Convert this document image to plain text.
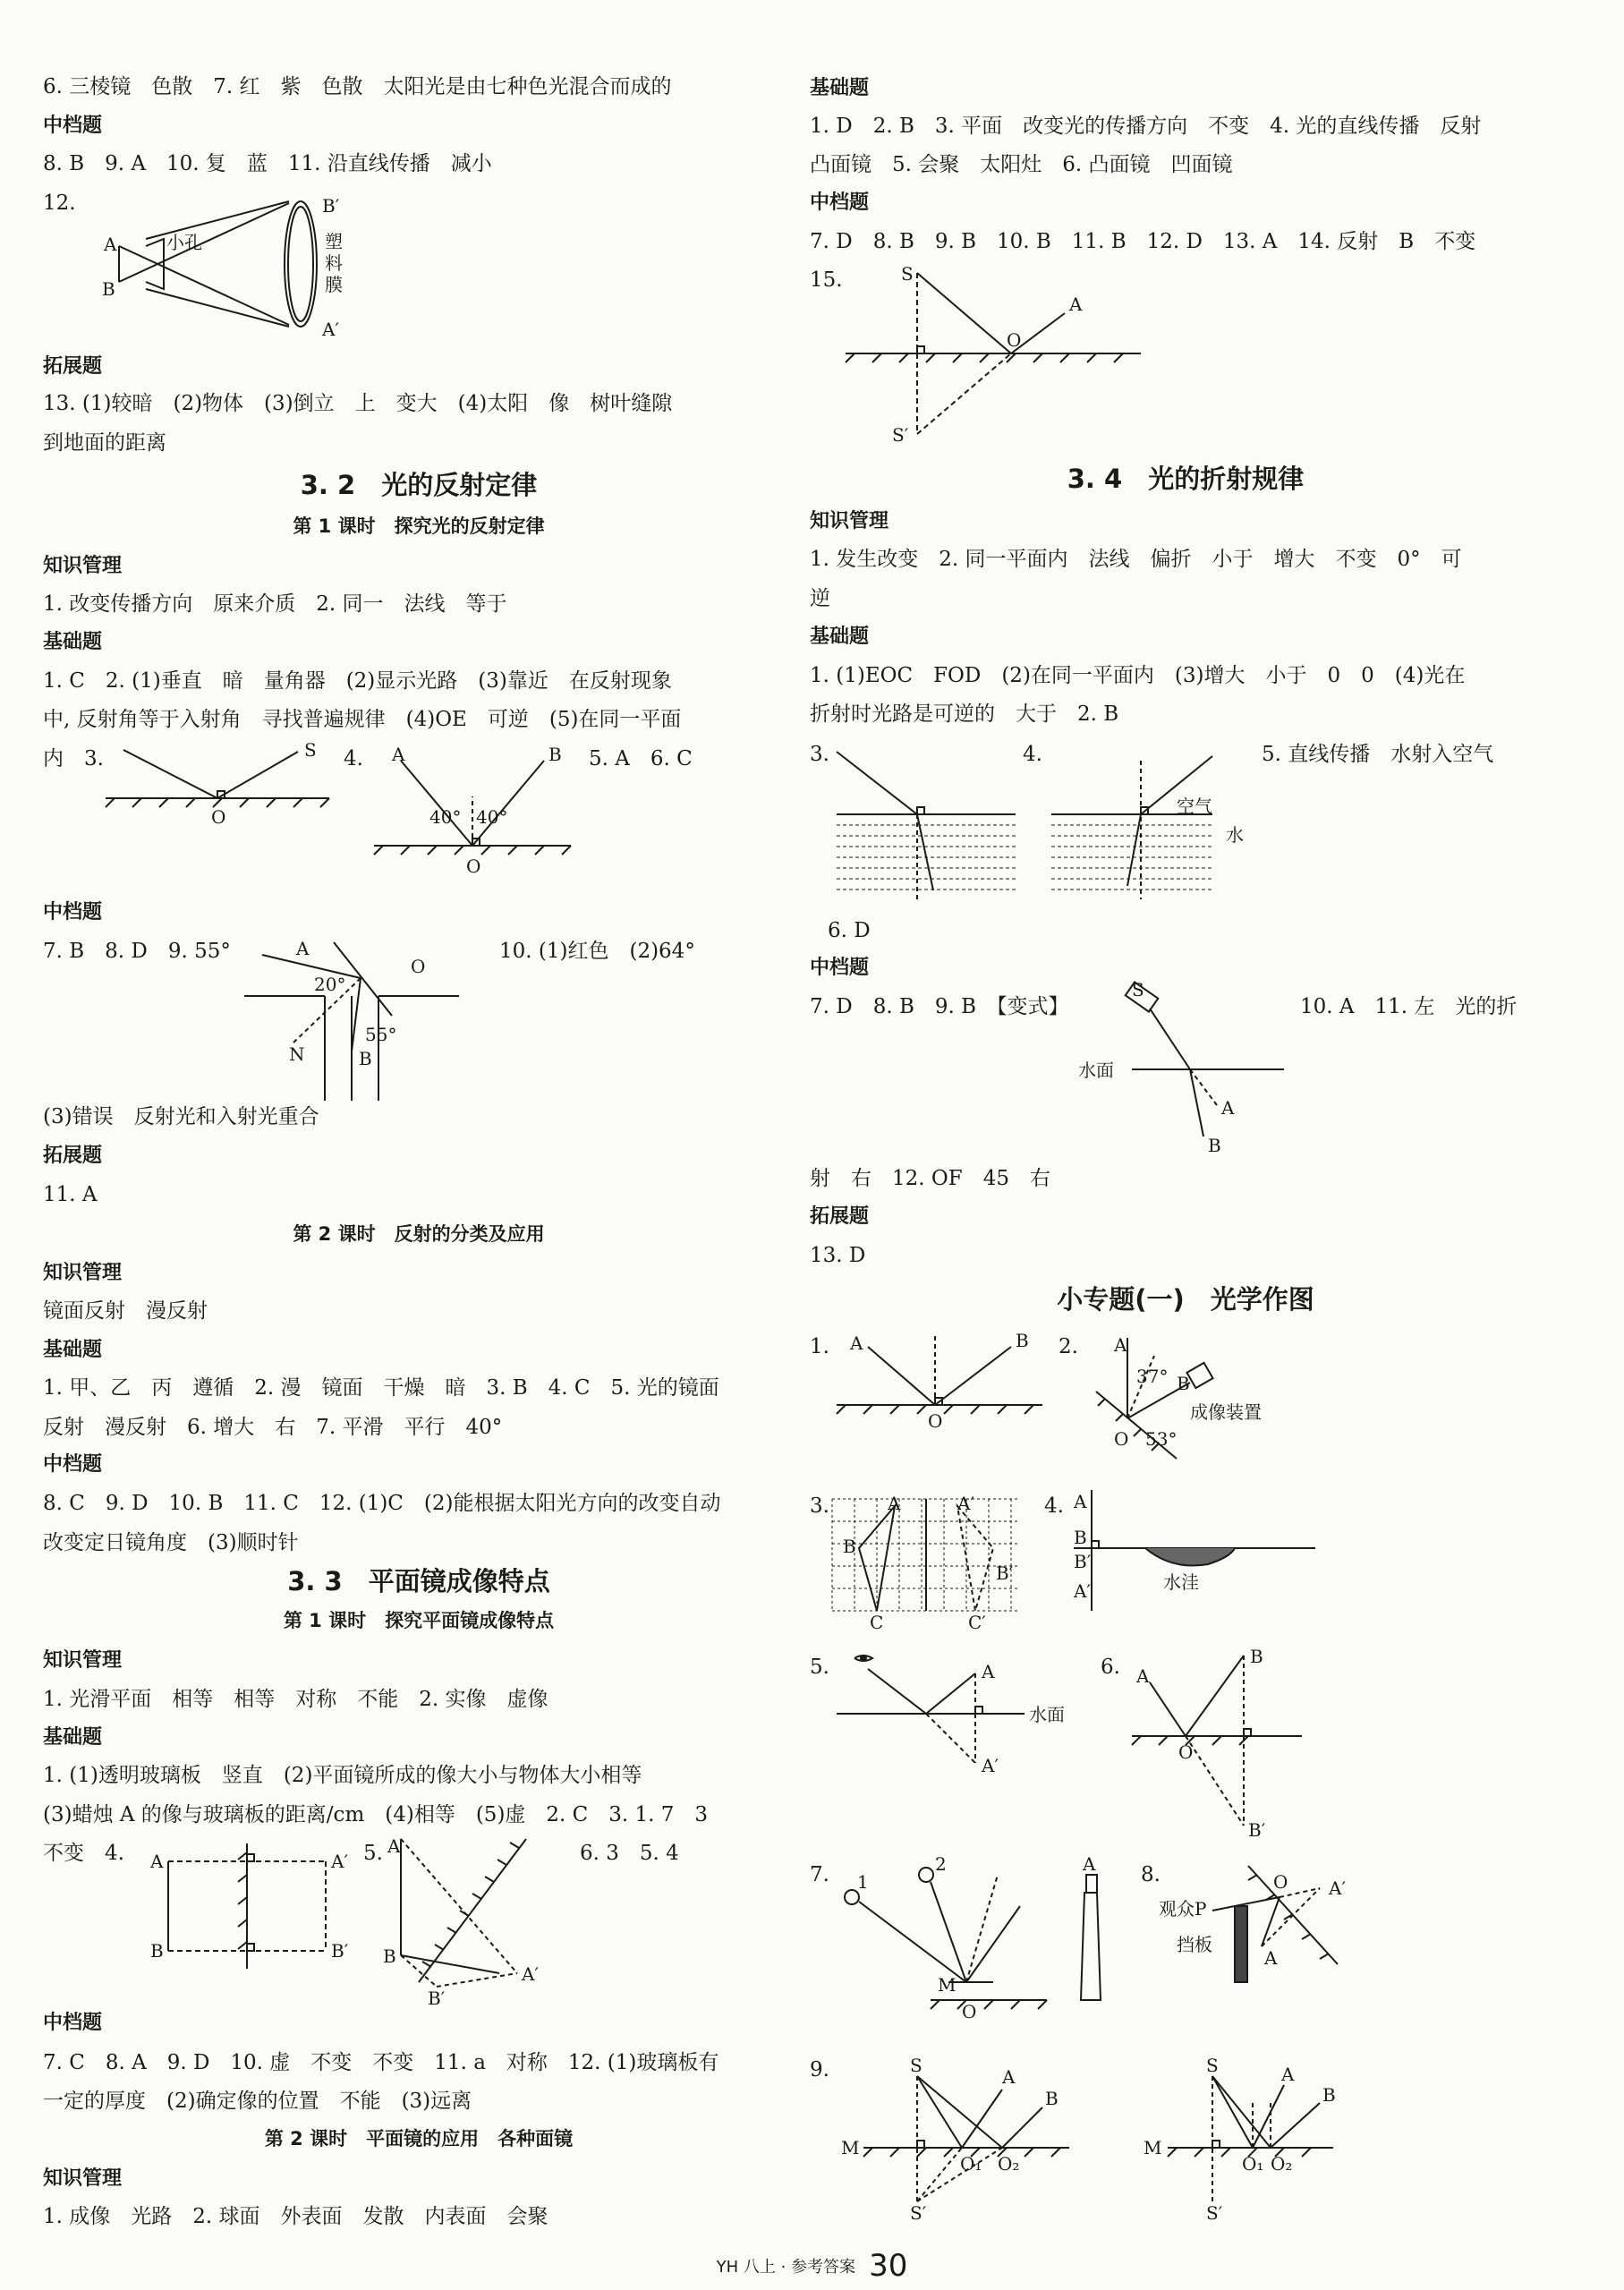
6. 三棱镜　色散　7. 红　紫　色散　太阳光是由七种色光混合而成的
中档题
8. B　9. A　10. 复　蓝　11. 沿直线传播　减小
12.
A
B
小孔
B′
A′
塑
料
膜
拓展题
13. (1)较暗　(2)物体　(3)倒立　上　变大　(4)太阳　像　树叶缝隙
到地面的距离
3. 2　光的反射定律
第 1 课时　探究光的反射定律
知识管理
1. 改变传播方向　原来介质　2. 同一　法线　等于
基础题
1. C　2. (1)垂直　暗　量角器　(2)显示光路　(3)靠近　在反射现象
中, 反射角等于入射角　寻找普遍规律　(4)OE　可逆　(5)在同一平面
内　3.	4.	5. A　6. C
S
O
A	B
40° 40°
O
中档题
7. B　8. D　9. 55°	10. (1)红色　(2)64°
A
O
20°
55°
N	B
(3)错误　反射光和入射光重合
拓展题
11. A
第 2 课时　反射的分类及应用
知识管理
镜面反射　漫反射
基础题
1. 甲、乙　丙　遵循　2. 漫　镜面　干燥　暗　3. B　4. C　5. 光的镜面
反射　漫反射　6. 增大　右　7. 平滑　平行　40°
中档题
8. C　9. D　10. B　11. C　12. (1)C　(2)能根据太阳光方向的改变自动
改变定日镜角度　(3)顺时针
3. 3　平面镜成像特点
第 1 课时　探究平面镜成像特点
知识管理
1. 光滑平面　相等　相等　对称　不能　2. 实像　虚像
基础题
1. (1)透明玻璃板　竖直　(2)平面镜所成的像大小与物体大小相等
(3)蜡烛 A 的像与玻璃板的距离/cm　(4)相等　(5)虚　2. C　3. 1. 7　3
不变　4.	5.	6. 3　5. 4
A
B
A′
B′
A
B
B′
A′
中档题
7. C　8. A　9. D　10. 虚　不变　不变　11. a　对称　12. (1)玻璃板有
一定的厚度　(2)确定像的位置　不能　(3)远离
第 2 课时　平面镜的应用　各种面镜
知识管理
1. 成像　光路　2. 球面　外表面　发散　内表面　会聚
基础题
1. D　2. B　3. 平面　改变光的传播方向　不变　4. 光的直线传播　反射
凸面镜　5. 会聚　太阳灶　6. 凸面镜　凹面镜
中档题
7. D　8. B　9. B　10. B　11. B　12. D　13. A　14. 反射　B　不变
15.	S
A
O
S′
3. 4　光的折射规律
知识管理
1. 发生改变　2. 同一平面内　法线　偏折　小于　增大　不变　0°　可
逆
基础题
1. (1)EOC　FOD　(2)在同一平面内　(3)增大　小于　0　0　(4)光在
折射时光路是可逆的　大于　2. B
3.	4.	5. 直线传播　水射入空气
空气
水
6. D
中档题
7. D　8. B　9. B　【变式】	10. A　11. 左　光的折
S
水面
A
B
射　右　12. OF　45　右
拓展题
13. D
小专题(一)　光学作图
1. A	B
O
2. A
37° B
成像装置
53°
O
3.	A	A′
B
B′
C	C′
4. A
B
B′
A′	水洼
5.	A
水面
A′
6. A
B
O
B′
7. 1
2	A
M
O
8.
观众P
O A′
挡板
A
9.	S
A
B
M
O₁ O₂
S′
S	A
B
M
O₁ O₂
S′
YH 八上 · 参考答案 30
